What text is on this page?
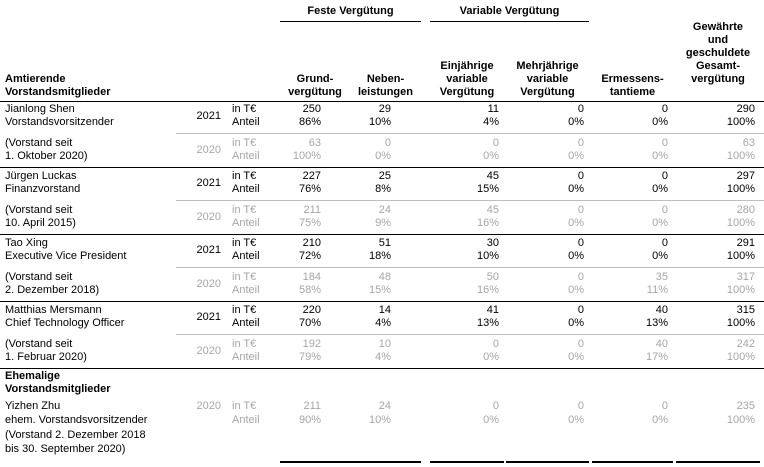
Feste Vergütung	Variable Vergütung
Amtierende
Vorstandsmitglieder
Grund-
vergütung
Neben-
leistungen
Einjährige
variable
Vergütung
Mehrjährige
variable
Vergütung
Ermessens-
tantieme
Gewährte
und
geschuldete
Gesamt-
vergütung
Jianlong Shen
Vorstandsvorsitzender
(Vorstand seit
1. Oktober 2020)
2021
in T€
Anteil
250
86%
29
10%
11
4%
0
0%
0
0%
290
100%
2020
in T€
Anteil
63
100%
0
0%
0
0%
0
0%
0
0%
63
100%
Jürgen Luckas
Finanzvorstand
(Vorstand seit
10. April 2015)
2021
in T€
Anteil
227
76%
25
8%
45
15%
0
0%
0
0%
297
100%
2020
in T€
Anteil
211
75%
24
9%
45
16%
0
0%
0
0%
280
100%
Tao Xing
Executive Vice President
(Vorstand seit
2. Dezember 2018)
2021
in T€
Anteil
210
72%
51
18%
30
10%
0
0%
0
0%
291
100%
2020
in T€
Anteil
184
58%
48
15%
50
16%
0
0%
35
11%
317
100%
Matthias Mersmann
Chief Technology Officer
(Vorstand seit
1. Februar 2020)
2021
in T€
Anteil
220
70%
14
4%
41
13%
0
0%
40
13%
315
100%
2020
in T€
Anteil
192
79%
10
4%
0
0%
0
0%
40
17%
242
100%
Ehemalige
Vorstandsmitglieder
Yizhen Zhu
ehem. Vorstandsvorsitzender
(Vorstand 2. Dezember 2018
bis 30. September 2020)
2020 in T€
Anteil
211
90%
24
10%
0
0%
0
0%
0
0%
235
100%
